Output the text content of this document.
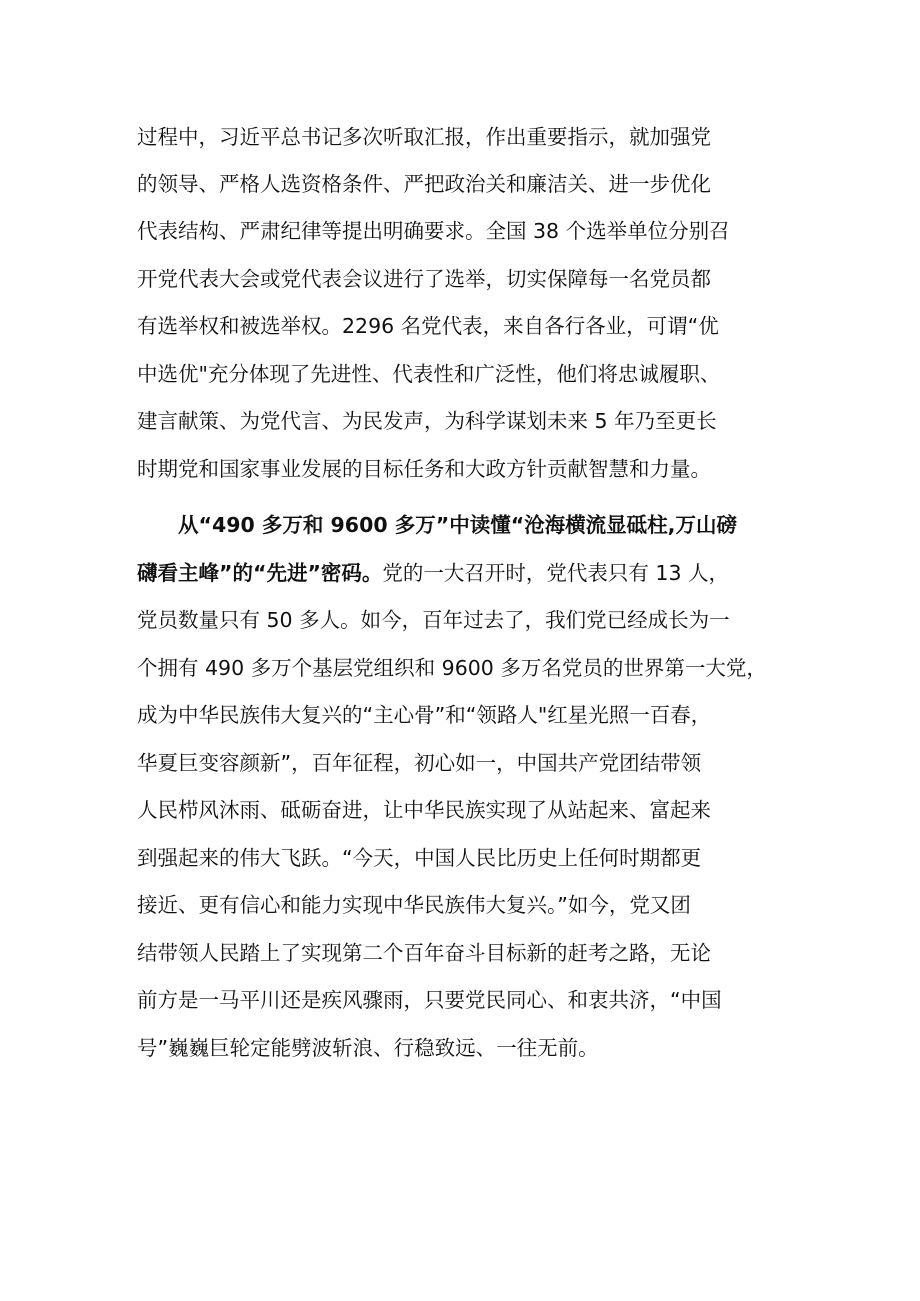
过程中，习近平总书记多次听取汇报，作出重要指示，就加强党
的领导、严格人选资格条件、严把政治关和廉洁关、进一步优化
代表结构、严肃纪律等提出明确要求。全国 38 个选举单位分别召
开党代表大会或党代表会议进行了选举，切实保障每一名党员都
有选举权和被选举权。2296 名党代表，来自各行各业，可谓“优
中选优"充分体现了先进性、代表性和广泛性，他们将忠诚履职、
建言献策、为党代言、为民发声，为科学谋划未来 5 年乃至更长
时期党和国家事业发展的目标任务和大政方针贡献智慧和力量。
从“490 多万和 9600 多万”中读懂“沧海横流显砥柱,万山磅
礴看主峰”的“先进”密码。党的一大召开时，党代表只有 13 人，
党员数量只有 50 多人。如今，百年过去了，我们党已经成长为一
个拥有 490 多万个基层党组织和 9600 多万名党员的世界第一大党，
成为中华民族伟大复兴的“主心骨”和“领路人"红星光照一百春，
华夏巨变容颜新”，百年征程，初心如一，中国共产党团结带领
人民栉风沐雨、砥砺奋进，让中华民族实现了从站起来、富起来
到强起来的伟大飞跃。“今天，中国人民比历史上任何时期都更
接近、更有信心和能力实现中华民族伟大复兴。”如今，党又团
结带领人民踏上了实现第二个百年奋斗目标新的赶考之路，无论
前方是一马平川还是疾风骤雨，只要党民同心、和衷共济，“中国
号”巍巍巨轮定能劈波斩浪、行稳致远、一往无前。
